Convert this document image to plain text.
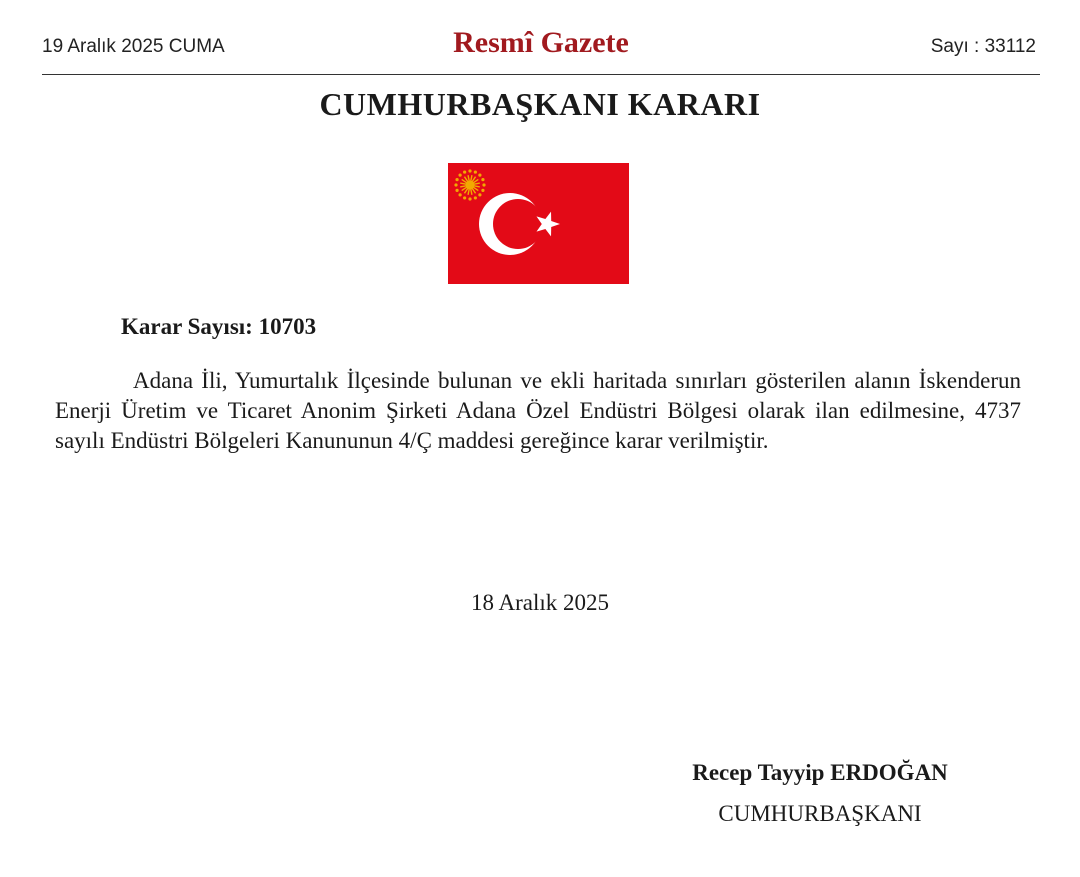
19 Aralık 2025 CUMA	Resmî Gazete	Sayı : 33112
CUMHURBAŞKANI KARARI
Karar Sayısı: 10703

Adana İli, Yumurtalık İlçesinde bulunan ve ekli haritada sınırları gösterilen alanın İskenderun Enerji Üretim ve Ticaret Anonim Şirketi Adana Özel Endüstri Bölgesi olarak ilan edilmesine, 4737 sayılı Endüstri Bölgeleri Kanununun 4/Ç maddesi gereğince karar verilmiştir.

18 Aralık 2025
Recep Tayyip ERDOĞAN
CUMHURBAŞKANI
